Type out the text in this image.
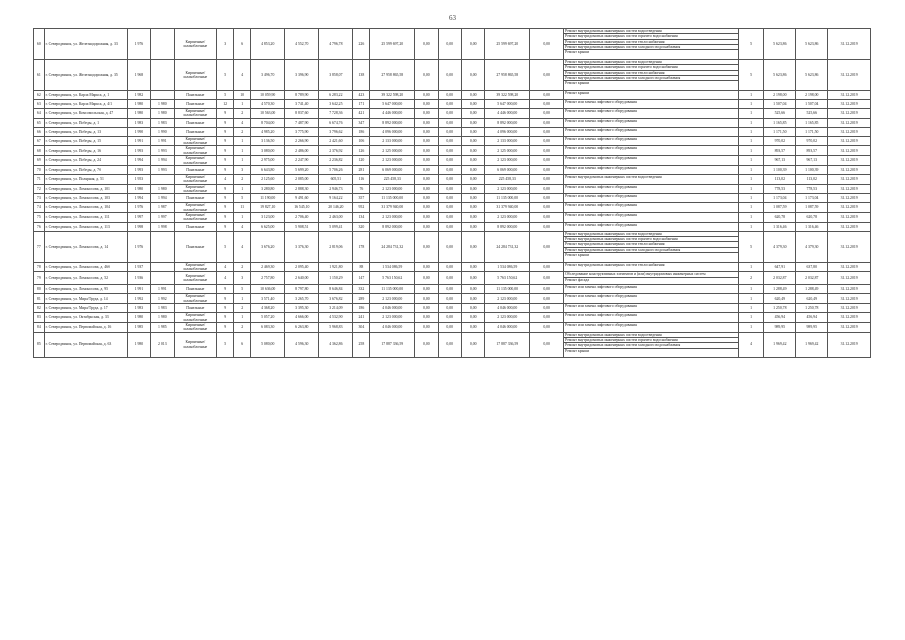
63
60	г. Северодвинск, ул. Железнодорожная, д. 33	1 976		Кирпичные/ шлакоблочные	3	6	4 853,20	4 552,70	4 796,78	226	25 599 697,20	0,00	0,00	0,00	25 599 697,20	0,00	Ремонт внутридомовых инженерных систем водоотведения
Ремонт внутридомовых инженерных систем горячего водоснабжения
Ремонт внутридомовых инженерных систем теплоснабжения
Ремонт внутридомовых инженерных систем холодного водоснабжения
Ремонт крыши	5	5 623,86	5 623,86	31.12.2019
61	г. Северодвинск, ул. Железнодорожная, д. 35	1 968		Кирпичные/ шлакоблочные	5	4	3 496,70	3 396,90	3 858,07	138	27 958 865,58	0,00	0,00	0,00	27 958 865,58	0,00	Ремонт внутридомовых инженерных систем водоотведения
Ремонт внутридомовых инженерных систем горячего водоснабжения
Ремонт внутридомовых инженерных систем теплоснабжения
Ремонт внутридомовых инженерных систем холодного водоснабжения
Ремонт крыши	5	5 623,86	5 623,86	31.12.2019
62	г. Северодвинск, ул. Карла Маркса, д. 1	1 982		Панельные	5	10	10 059,90	8 789,90	6 283,22	423	39 322 598,20	0,00	0,00	0,00	39 322 598,20	0,00	Ремонт крыши	1	2 198,00	2 198,00	31.12.2019
63	г. Северодвинск, ул. Карла Маркса, д. 4/1	1 980	1 980	Панельные	12	1	4 570,30	3 741,40	3 642,25	171	5 647 000,00	0,00	0,00	0,00	5 647 000,00	0,00	Ремонт или замена лифтового оборудования	1	1 507,04	1 507,04	31.12.2019
64	г. Северодвинск, ул. Комсомольская, д. 47	1 980	1 980	Кирпичные/ шлакоблочные	9	2	10 563,00	8 837,60	7 728,36	421	4 446 000,00	0,00	0,00	0,00	4 446 000,00	0,00	Ремонт или замена лифтового оборудования	1	525,66	525,66	31.12.2019
65	г. Северодвинск, ул. Победы, д. 1	1 983	1 983	Панельные	9	4	8 704,00	7 487,90	6 674,76	347	8 892 000,00	0,00	0,00	0,00	8 892 000,00	0,00	Ремонт или замена лифтового оборудования	1	1 165,85	1 165,85	31.12.2019
66	г. Северодвинск, ул. Победы, д. 13	1 990	1 990	Панельные	9	2	4 985,20	3 775,90	3 796,62	186	4 096 000,00	0,00	0,00	0,00	4 096 000,00	0,00	Ремонт или замена лифтового оборудования	1	1 171,50	1 171,50	31.12.2019
67	г. Северодвинск, ул. Победы, д. 15	1 991	1 991	Кирпичные/ шлакоблочные	9	1	3 136,50	2 266,90	2 421,60	106	2 133 000,00	0,00	0,00	0,00	2 133 000,00	0,00	Ремонт или замена лифтового оборудования	1	970,02	970,02	31.12.2019
68	г. Северодвинск, ул. Победы, д. 16	1 993	1 993	Кирпичные/ шлакоблочные	9	1	3 080,00	2 486,00	2 376,92	126	2 125 000,00	0,00	0,00	0,00	2 125 000,00	0,00	Ремонт или замена лифтового оборудования	1	893,57	893,57	31.12.2019
69	г. Северодвинск, ул. Победы, д. 24	1 994	1 994	Кирпичные/ шлакоблочные	9	1	2 975,00	2 247,90	2 236,82	120	2 123 000,00	0,00	0,00	0,00	2 123 000,00	0,00	Ремонт или замена лифтового оборудования	1	967,13	967,13	31.12.2019
70	г. Северодвинск, ул. Победы, д. 7б	1 993	1 993	Панельные	9	3	6 643,80	5 699,20	5 706,26	281	6 069 000,00	0,00	0,00	0,00	6 069 000,00	0,00	Ремонт или замена лифтового оборудования	1	1 100,39	1 100,39	31.12.2019
71	г. Северодвинск, ул. Полярная, д. 51	1 953		Кирпичные/ шлакоблочные	4	2	2 125,60	2 085,00	605,51	116	225 458,33	0,00	0,00	0,00	225 458,33	0,00	Ремонт внутридомовых инженерных систем водоотведения	1	113,02	113,02	31.12.2019
72	г. Северодвинск, ул. Ломоносова, д. 101	1 980	1 980	Кирпичные/ шлакоблочные	9	1	3 280,80	2 888,30	2 946,73	76	2 123 000,00	0,00	0,00	0,00	2 123 000,00	0,00	Ремонт или замена лифтового оборудования	1	778,53	778,53	31.12.2019
73	г. Северодвинск, ул. Ломоносова, д. 103	1 994	1 994	Панельные	9	5	11 190,00	9 491,60	9 164,22	357	11 135 000,00	0,00	0,00	0,00	11 135 000,00	0,00	Ремонт или замена лифтового оборудования	1	1 173,04	1 173,04	31.12.2019
74	г. Северодвинск, ул. Ломоносова, д. 104	1 976	1 987	Кирпичные/ шлакоблочные	9	11	19 827,10	16 545,10	20 146,20	952	31 379 940,00	0,00	0,00	0,00	31 379 940,00	0,00	Ремонт или замена лифтового оборудования	1	1 087,59	1 087,59	31.12.2019
75	г. Северодвинск, ул. Ломоносова, д. 111	1 997	1 997	Кирпичные/ шлакоблочные	9	1	3 123,00	2 706,40	2 463,00	134	2 123 000,00	0,00	0,00	0,00	2 123 000,00	0,00	Ремонт или замена лифтового оборудования	1	620,78	620,78	31.12.2019
76	г. Северодвинск, ул. Ломоносова, д. 113	1 998	1 998	Панельные	9	4	6 625,00	5 908,51	5 099,41	320	8 892 000,00	0,00	0,00	0,00	8 892 000,00	0,00	Ремонт или замена лифтового оборудования	1	1 316,46	1 316,46	31.12.2019
77	г. Северодвинск, ул. Ломоносова, д. 14	1 976		Панельные	5	4	3 676,20	3 376,30	2 819,06	178	24 284 731,32	0,00	0,00	0,00	24 284 731,32	0,00	Ремонт внутридомовых инженерных систем водоотведения
Ремонт внутридомовых инженерных систем горячего водоснабжения
Ремонт внутридомовых инженерных систем теплоснабжения
Ремонт внутридомовых инженерных систем холодного водоснабжения
Ремонт крыши	5	4 379,30	4 379,30	31.12.2019
78	г. Северодвинск, ул. Ломоносова, д. 46б	1 937		Кирпичные/ шлакоблочные	4	2	2 469,30	2 095,40	1 921,80	88	1 534 086,59	0,00	0,00	0,00	1 534 086,59	0,00	Ремонт внутридомовых инженерных систем теплоснабжения	1	647,91	637,80	31.12.2019
79	г. Северодвинск, ул. Ломоносова, д. 52	1 936		Кирпичные/ шлакоблочные	4	3	2 757,80	2 640,00	1 150,29	147	5 763 150,62	0,00	0,00	0,00	5 763 150,62	0,00	Обследование конструктивных элементов и (или) внутридомовых инженерных систем
Ремонт фасада	2	2 032,87	2 032,87	31.12.2019
80	г. Северодвинск, ул. Ломоносова, д. 95	1 991	1 991	Панельные	9	5	10 636,00	8 797,80	8 646,84	332	11 135 000,00	0,00	0,00	0,00	11 135 000,00	0,00	Ремонт или замена лифтового оборудования	1	1 288,49	1 288,49	31.12.2019
81	г. Северодвинск, ул. Мира/Труда, д. 14	1 992	1 992	Кирпичные/ шлакоблочные	9	1	3 571,40	3 265,70	3 676,82	289	2 123 000,00	0,00	0,00	0,00	2 123 000,00	0,00	Ремонт или замена лифтового оборудования	1	620,49	620,49	31.12.2019
82	г. Северодвинск, ул. Мира/Труда, д. 17	1 983	1 983	Панельные	9	2	4 368,20	3 395,30	3 214,09	186	4 046 000,00	0,00	0,00	0,00	4 046 000,00	0,00	Ремонт или замена лифтового оборудования	1	1 250,78	1 250,78	31.12.2019
83	г. Северодвинск, ул. Октябрьская, д. 33	1 980	1 980	Кирпичные/ шлакоблочные	9	1	5 057,20	4 666,00	4 532,90	241	2 123 000,00	0,00	0,00	0,00	2 123 000,00	0,00	Ремонт или замена лифтового оборудования	1	456,94	456,94	31.12.2019
84	г. Северодвинск, ул. Первомайская, д. 16	1 985	1 985	Кирпичные/ шлакоблочные	9	2	6 083,30	6 263,80	5 968,83	304	4 046 000,00	0,00	0,00	0,00	4 046 000,00	0,00	Ремонт или замена лифтового оборудования	1	989,95	989,95	31.12.2019
85	г. Северодвинск, ул. Первомайская, д. 63	1 980	2 013	Кирпичные/ шлакоблочные	5	6	5 080,00	4 596,30	4 362,86	258	17 887 336,59	0,00	0,00	0,00	17 887 336,59	0,00	Ремонт внутридомовых инженерных систем водоотведения
Ремонт внутридомовых инженерных систем горячего водоснабжения
Ремонт внутридомовых инженерных систем холодного водоснабжения
Ремонт крыши	4	1 969,42	1 969,42	31.12.2019
